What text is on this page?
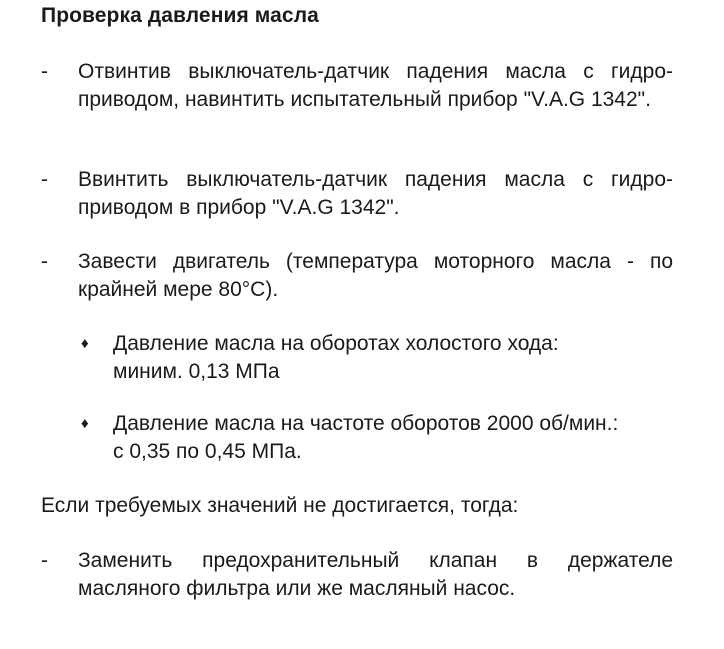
Проверка давления масла
- Отвинтив выключатель-датчик падения масла с гидро-приводом, навинтить испытательный прибор "V.A.G 1342".
- Ввинтить выключатель-датчик падения масла с гидро-приводом в прибор "V.A.G 1342".
- Завести двигатель (температура моторного масла - по крайней мере 80°C).
♦ Давление масла на оборотах холостого хода:
миним. 0,13 МПа
♦ Давление масла на частоте оборотов 2000 об/мин.:
с 0,35 по 0,45 МПа.
Если требуемых значений не достигается, тогда:
- Заменить предохранительный клапан в держателе масляного фильтра или же масляный насос.
